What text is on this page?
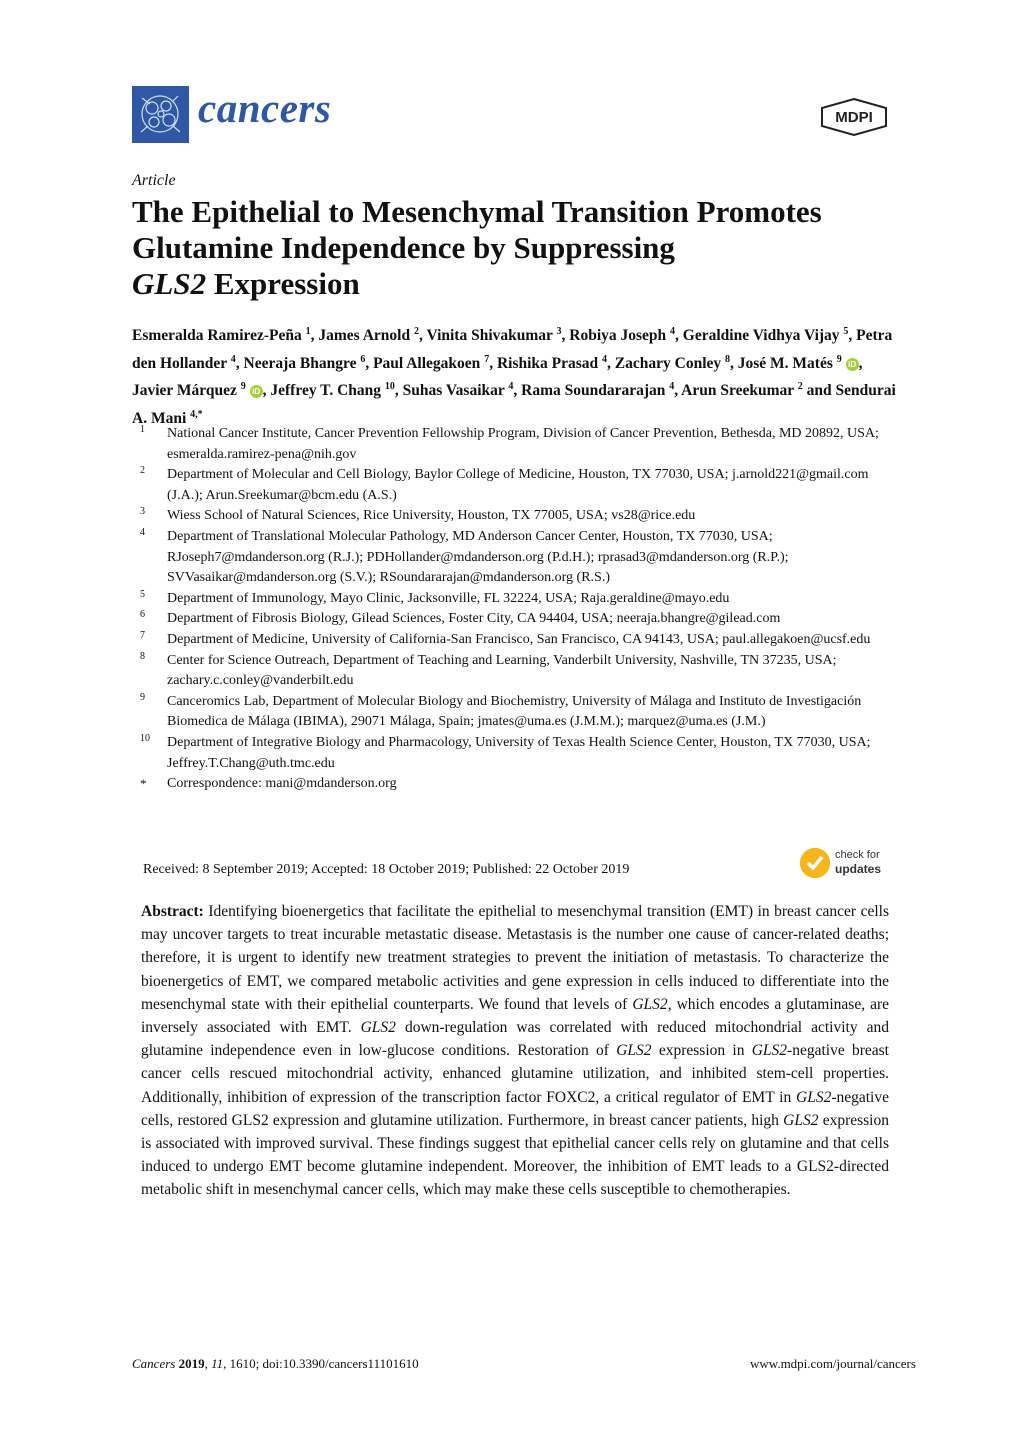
cancers	MDPI
Article
The Epithelial to Mesenchymal Transition Promotes
Glutamine Independence by Suppressing
GLS2 Expression
Esmeralda Ramirez-Peña $^1$, James Arnold $^2$, Vinita Shivakumar $^3$, Robiya Joseph $^4$, Geraldine Vidhya Vijay $^5$, Petra den Hollander $^4$, Neeraja Bhangre $^6$, Paul Allegakoen $^7$, Rishika Prasad $^4$, Zachary Conley $^8$, José M. Matés $^9$ iD , Javier Márquez $^9$ iD , Jeffrey T. Chang $^{10}$, Suhas Vasaikar $^4$, Rama Soundararajan $^4$, Arun Sreekumar $^2$ and Sendurai A. Mani $^{4,*}$
1 National Cancer Institute, Cancer Prevention Fellowship Program, Division of Cancer Prevention, Bethesda, MD 20892, USA; esmeralda.ramirez-pena@nih.gov
2 Department of Molecular and Cell Biology, Baylor College of Medicine, Houston, TX 77030, USA; j.arnold221@gmail.com (J.A.); Arun.Sreekumar@bcm.edu (A.S.)
3 Wiess School of Natural Sciences, Rice University, Houston, TX 77005, USA; vs28@rice.edu
4 Department of Translational Molecular Pathology, MD Anderson Cancer Center, Houston, TX 77030, USA; RJoseph7@mdanderson.org (R.J.); PDHollander@mdanderson.org (P.d.H.); rprasad3@mdanderson.org (R.P.); SVVasaikar@mdanderson.org (S.V.); RSoundararajan@mdanderson.org (R.S.)
5 Department of Immunology, Mayo Clinic, Jacksonville, FL 32224, USA; Raja.geraldine@mayo.edu
6 Department of Fibrosis Biology, Gilead Sciences, Foster City, CA 94404, USA; neeraja.bhangre@gilead.com
7 Department of Medicine, University of California-San Francisco, San Francisco, CA 94143, USA; paul.allegakoen@ucsf.edu
8 Center for Science Outreach, Department of Teaching and Learning, Vanderbilt University, Nashville, TN 37235, USA; zachary.c.conley@vanderbilt.edu
9 Canceromics Lab, Department of Molecular Biology and Biochemistry, University of Málaga and Instituto de Investigación Biomedica de Málaga (IBIMA), 29071 Málaga, Spain; jmates@uma.es (J.M.M.); marquez@uma.es (J.M.)
10 Department of Integrative Biology and Pharmacology, University of Texas Health Science Center, Houston, TX 77030, USA; Jeffrey.T.Chang@uth.tmc.edu
* Correspondence: mani@mdanderson.org
Received: 8 September 2019; Accepted: 18 October 2019; Published: 22 October 2019
check for
updates
Abstract: Identifying bioenergetics that facilitate the epithelial to mesenchymal transition (EMT) in breast cancer cells may uncover targets to treat incurable metastatic disease. Metastasis is the number one cause of cancer-related deaths; therefore, it is urgent to identify new treatment strategies to prevent the initiation of metastasis. To characterize the bioenergetics of EMT, we compared metabolic activities and gene expression in cells induced to differentiate into the mesenchymal state with their epithelial counterparts. We found that levels of GLS2, which encodes a glutaminase, are inversely associated with EMT. GLS2 down-regulation was correlated with reduced mitochondrial activity and glutamine independence even in low-glucose conditions. Restoration of GLS2 expression in GLS2-negative breast cancer cells rescued mitochondrial activity, enhanced glutamine utilization, and inhibited stem-cell properties. Additionally, inhibition of expression of the transcription factor FOXC2, a critical regulator of EMT in GLS2-negative cells, restored GLS2 expression and glutamine utilization. Furthermore, in breast cancer patients, high GLS2 expression is associated with improved survival. These findings suggest that epithelial cancer cells rely on glutamine and that cells induced to undergo EMT become glutamine independent. Moreover, the inhibition of EMT leads to a GLS2-directed metabolic shift in mesenchymal cancer cells, which may make these cells susceptible to chemotherapies.
Cancers 2019, 11, 1610; doi:10.3390/cancers11101610	www.mdpi.com/journal/cancers
